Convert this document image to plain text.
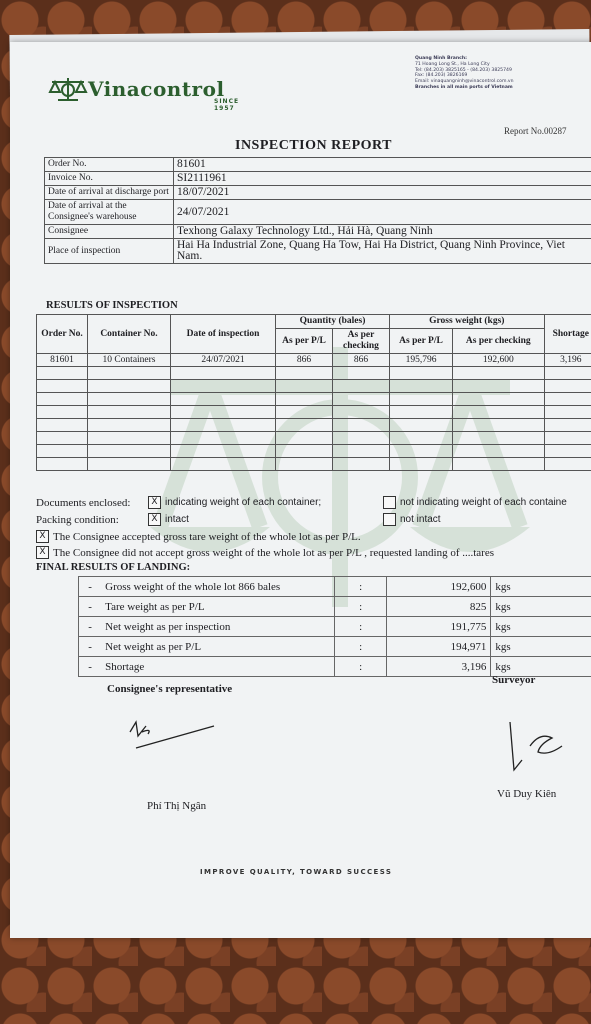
Vinacontrol
SINCE 1957
Quang Ninh Branch:
71 Hoang Long St., Ha Long City
Tel: (84.203) 3825165 - (84.203) 3825749
Fax: (84.203) 3826169
Email: vinaquangninh@vinacontrol.com.vn
Branches in all main ports of Vietnam
Report No.00287
INSPECTION REPORT
Order No.	81601
Invoice No.	SI2111961
Date of arrival at discharge port	18/07/2021
Date of arrival at the Consignee's warehouse	24/07/2021
Consignee	Texhong Galaxy Technology Ltd., Hải Hà, Quang Ninh
Place of inspection	Hai Ha Industrial Zone, Quang Ha Tow, Hai Ha District, Quang Ninh Province, Viet Nam.
RESULTS OF INSPECTION
Order No.	Container No.	Date of inspection	Quantity (bales)		Gross weight (kgs)		Shortage
			As per P/L	As per checking	As per P/L	As per checking	
81601	10 Containers	24/07/2021	866	866	195,796	192,600	3,196

Documents enclosed:	X indicating weight of each container;	not indicating weight of each containe
Packing condition:	X intact	not intact
X The Consignee accepted gross tare weight of the whole lot as per P/L.
X The Consignee did not accept gross weight of the whole lot as per P/L , requested landing of ....tares
FINAL RESULTS OF LANDING:
-	Gross weight of the whole lot 866 bales	:	192,600	kgs
-	Tare weight as per P/L	:	825	kgs
-	Net weight as per inspection	:	191,775	kgs
-	Net weight as per P/L	:	194,971	kgs
-	Shortage	:	3,196	kgs
Consignee's representative
Surveyor
Phí Thị Ngân
Vũ Duy Kiên
IMPROVE QUALITY, TOWARD SUCCESS
